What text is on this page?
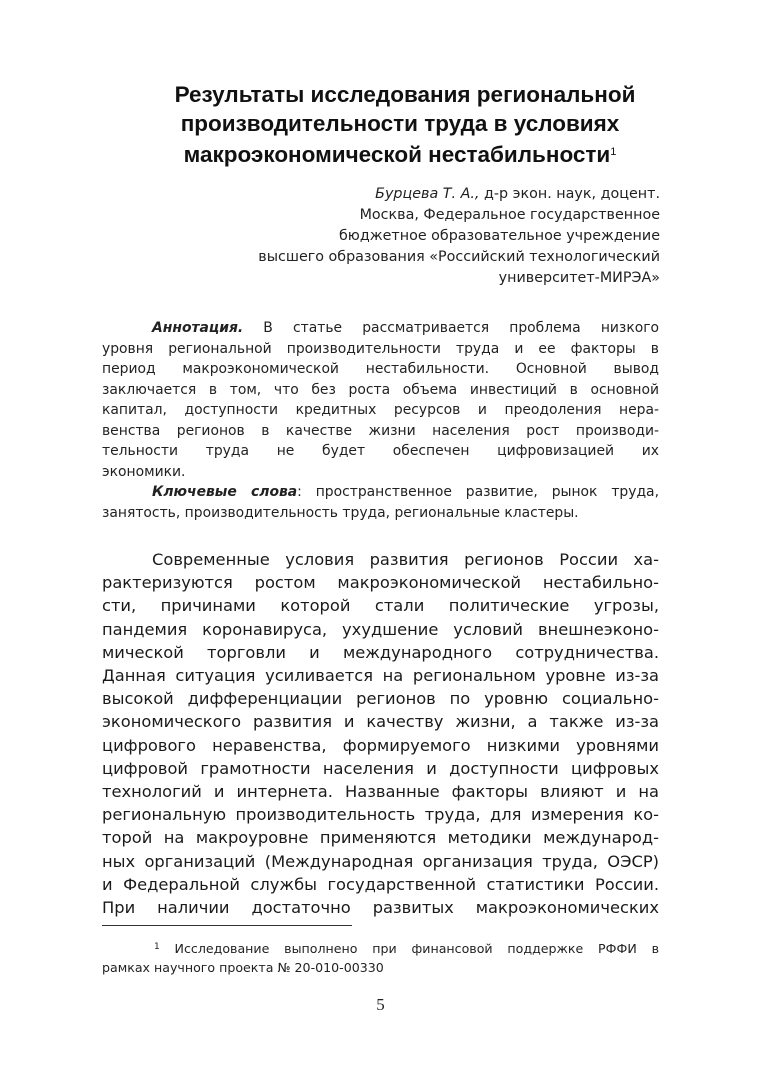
Результаты исследования региональной
производительности труда в условиях
макроэкономической нестабильности$^1$
Бурцева Т. А., д-р экон. наук, доцент.
Москва, Федеральное государственное
бюджетное образовательное учреждение
высшего образования «Российский технологический
университет-МИРЭА»
Аннотация. В статье рассматривается проблема низкого
уровня региональной производительности труда и ее факторы в
период макроэкономической нестабильности. Основной вывод
заключается в том, что без роста объема инвестиций в основной
капитал, доступности кредитных ресурсов и преодоления нера-
венства регионов в качестве жизни населения рост производи-
тельности труда не будет обеспечен цифровизацией их
экономики.
Ключевые слова: пространственное развитие, рынок труда,
занятость, производительность труда, региональные кластеры.
Современные условия развития регионов России ха-
рактеризуются ростом макроэкономической нестабильно-
сти, причинами которой стали политические угрозы,
пандемия коронавируса, ухудшение условий внешнеэконо-
мической торговли и международного сотрудничества.
Данная ситуация усиливается на региональном уровне из-за
высокой дифференциации регионов по уровню социально-
экономического развития и качеству жизни, а также из-за
цифрового неравенства, формируемого низкими уровнями
цифровой грамотности населения и доступности цифровых
технологий и интернета. Названные факторы влияют и на
региональную производительность труда, для измерения ко-
торой на макроуровне применяются методики международ-
ных организаций (Международная организация труда, ОЭСР)
и Федеральной службы государственной статистики России.
При наличии достаточно развитых макроэкономических
$^1$ Исследование выполнено при финансовой поддержке РФФИ в
рамках научного проекта № 20-010-00330
5
